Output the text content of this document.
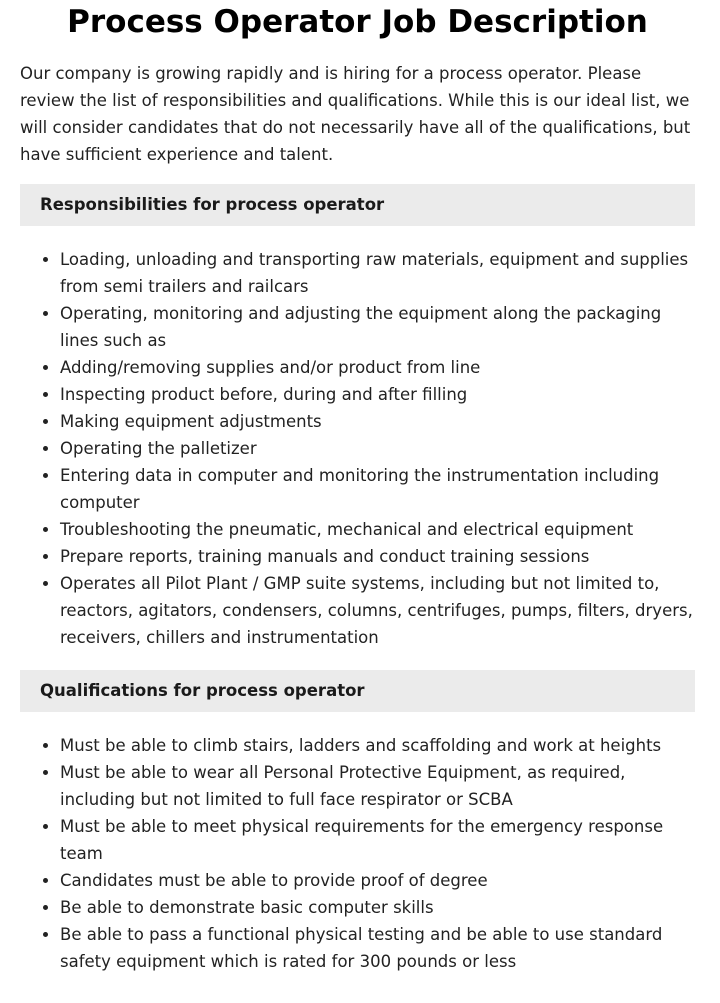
Process Operator Job Description

Our company is growing rapidly and is hiring for a process operator. Please review the list of responsibilities and qualifications. While this is our ideal list, we will consider candidates that do not necessarily have all of the qualifications, but have sufficient experience and talent.

Responsibilities for process operator
• Loading, unloading and transporting raw materials, equipment and supplies from semi trailers and railcars
• Operating, monitoring and adjusting the equipment along the packaging lines such as
• Adding/removing supplies and/or product from line
• Inspecting product before, during and after filling
• Making equipment adjustments
• Operating the palletizer
• Entering data in computer and monitoring the instrumentation including computer
• Troubleshooting the pneumatic, mechanical and electrical equipment
• Prepare reports, training manuals and conduct training sessions
• Operates all Pilot Plant / GMP suite systems, including but not limited to, reactors, agitators, condensers, columns, centrifuges, pumps, filters, dryers, receivers, chillers and instrumentation
Qualifications for process operator
• Must be able to climb stairs, ladders and scaffolding and work at heights
• Must be able to wear all Personal Protective Equipment, as required, including but not limited to full face respirator or SCBA
• Must be able to meet physical requirements for the emergency response team
• Candidates must be able to provide proof of degree
• Be able to demonstrate basic computer skills
• Be able to pass a functional physical testing and be able to use standard safety equipment which is rated for 300 pounds or less
